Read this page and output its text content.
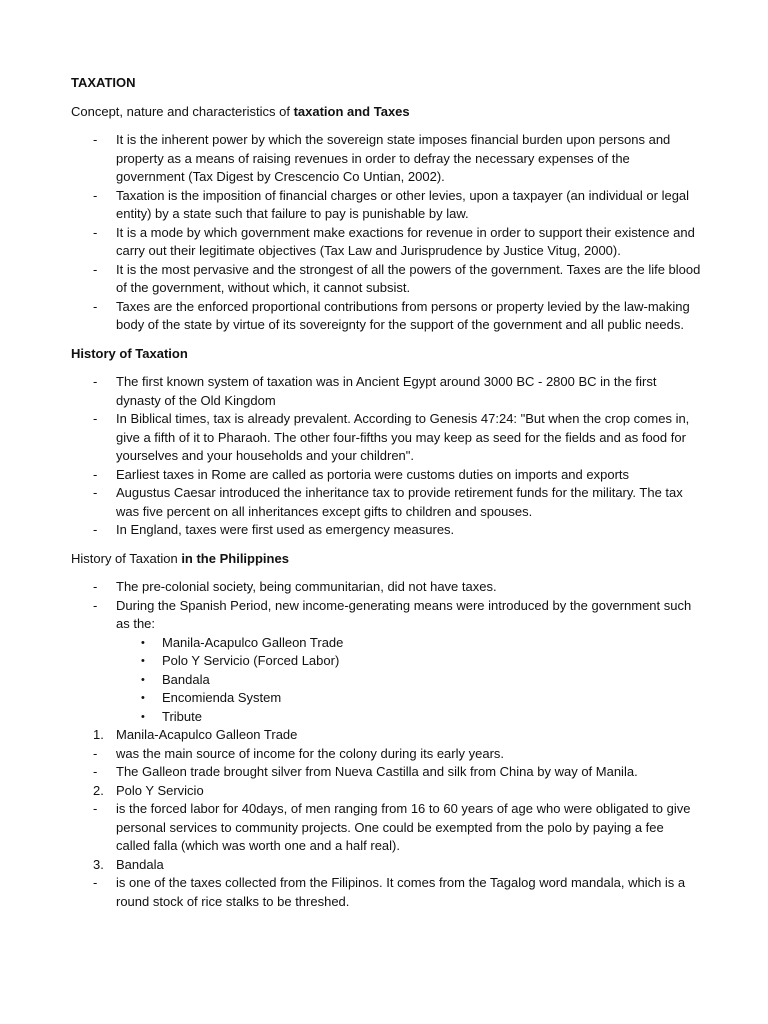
TAXATION

Concept, nature and characteristics of taxation and Taxes

- It is the inherent power by which the sovereign state imposes financial burden upon persons and property as a means of raising revenues in order to defray the necessary expenses of the government (Tax Digest by Crescencio Co Untian, 2002).
- Taxation is the imposition of financial charges or other levies, upon a taxpayer (an individual or legal entity) by a state such that failure to pay is punishable by law.
- It is a mode by which government make exactions for revenue in order to support their existence and carry out their legitimate objectives (Tax Law and Jurisprudence by Justice Vitug, 2000).
- It is the most pervasive and the strongest of all the powers of the government. Taxes are the life blood of the government, without which, it cannot subsist.
- Taxes are the enforced proportional contributions from persons or property levied by the law-making body of the state by virtue of its sovereignty for the support of the government and all public needs.

History of Taxation

- The first known system of taxation was in Ancient Egypt around 3000 BC - 2800 BC in the first dynasty of the Old Kingdom
- In Biblical times, tax is already prevalent. According to Genesis 47:24: "But when the crop comes in, give a fifth of it to Pharaoh. The other four-fifths you may keep as seed for the fields and as food for yourselves and your households and your children".
- Earliest taxes in Rome are called as portoria were customs duties on imports and exports
- Augustus Caesar introduced the inheritance tax to provide retirement funds for the military. The tax was five percent on all inheritances except gifts to children and spouses.
- In England, taxes were first used as emergency measures.

History of Taxation in the Philippines

- The pre-colonial society, being communitarian, did not have taxes.
- During the Spanish Period, new income-generating means were introduced by the government such as the:
• Manila-Acapulco Galleon Trade
• Polo Y Servicio (Forced Labor)
• Bandala
• Encomienda System
• Tribute
1. Manila-Acapulco Galleon Trade
- was the main source of income for the colony during its early years.
- The Galleon trade brought silver from Nueva Castilla and silk from China by way of Manila.
2. Polo Y Servicio
- is the forced labor for 40days, of men ranging from 16 to 60 years of age who were obligated to give personal services to community projects. One could be exempted from the polo by paying a fee called falla (which was worth one and a half real).
3. Bandala
- is one of the taxes collected from the Filipinos. It comes from the Tagalog word mandala, which is a round stock of rice stalks to be threshed.
